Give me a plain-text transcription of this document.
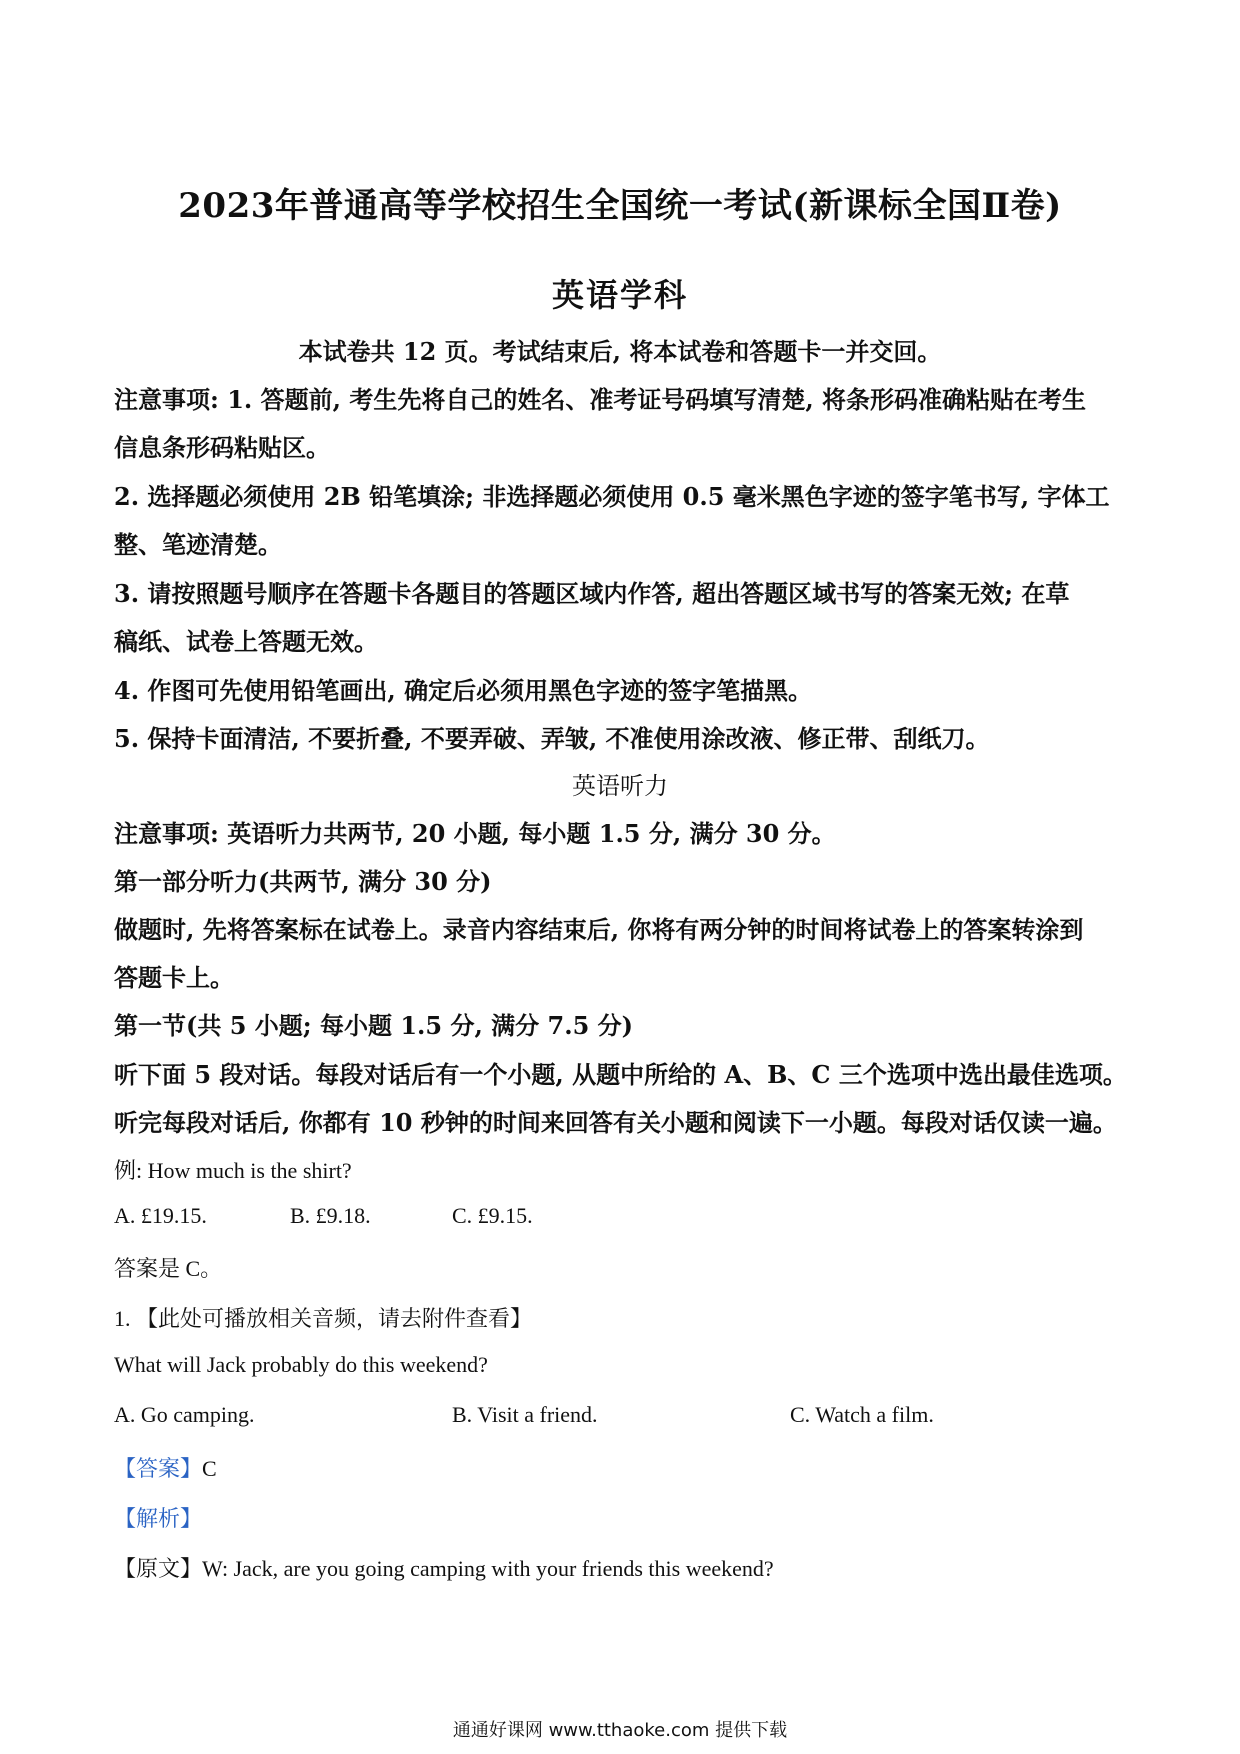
2023年普通高等学校招生全国统一考试(新课标全国Ⅱ卷)
英语学科
本试卷共 12 页。考试结束后, 将本试卷和答题卡一并交回。
注意事项: 1. 答题前, 考生先将自己的姓名、准考证号码填写清楚, 将条形码准确粘贴在考生
信息条形码粘贴区。
2. 选择题必须使用 2B 铅笔填涂; 非选择题必须使用 0.5 毫米黑色字迹的签字笔书写, 字体工
整、笔迹清楚。
3. 请按照题号顺序在答题卡各题目的答题区域内作答, 超出答题区域书写的答案无效; 在草
稿纸、试卷上答题无效。
4. 作图可先使用铅笔画出, 确定后必须用黑色字迹的签字笔描黑。
5. 保持卡面清洁, 不要折叠, 不要弄破、弄皱, 不准使用涂改液、修正带、刮纸刀。
英语听力
注意事项: 英语听力共两节, 20 小题, 每小题 1.5 分, 满分 30 分。
第一部分听力(共两节, 满分 30 分)
做题时, 先将答案标在试卷上。录音内容结束后, 你将有两分钟的时间将试卷上的答案转涂到
答题卡上。
第一节(共 5 小题; 每小题 1.5 分, 满分 7.5 分)
听下面 5 段对话。每段对话后有一个小题, 从题中所给的 A、B、C 三个选项中选出最佳选项。
听完每段对话后, 你都有 10 秒钟的时间来回答有关小题和阅读下一小题。每段对话仅读一遍。
例: How much is the shirt?
A. £19.15.	B. £9.18.	C. £9.15.
答案是 C。
1. 【此处可播放相关音频，请去附件查看】
What will Jack probably do this weekend?
A. Go camping.	B. Visit a friend.	C. Watch a film.
【答案】C
【解析】
【原文】W: Jack, are you going camping with your friends this weekend?
通通好课网 www.tthaoke.com 提供下载
